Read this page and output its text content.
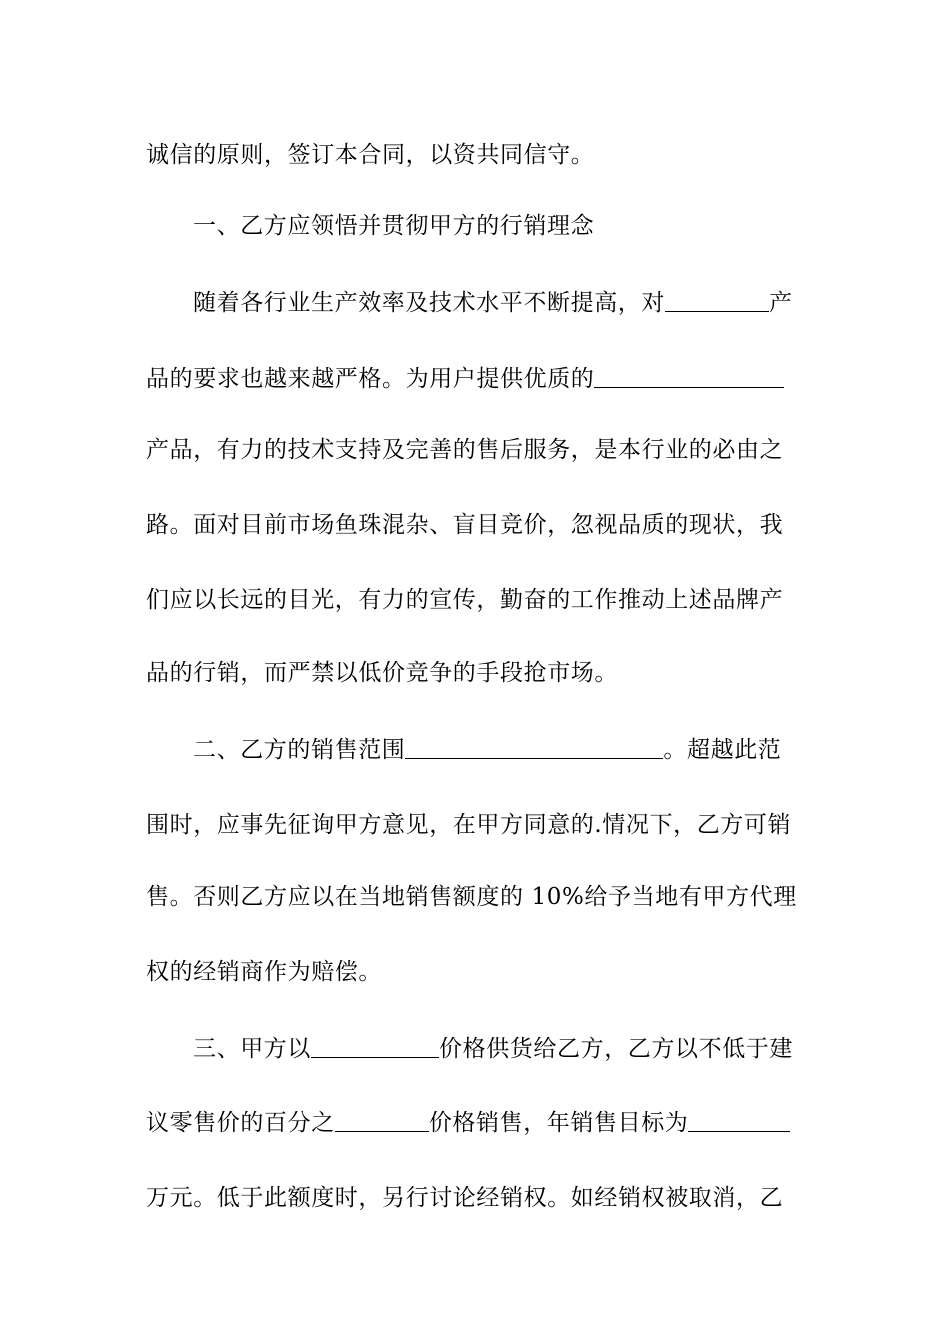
诚信的原则，签订本合同，以资共同信守。
一、乙方应领悟并贯彻甲方的行销理念
随着各行业生产效率及技术水平不断提高，对	产
品的要求也越来越严格。为用户提供优质的
产品，有力的技术支持及完善的售后服务，是本行业的必由之
路。面对目前市场鱼珠混杂、盲目竞价，忽视品质的现状，我
们应以长远的目光，有力的宣传，勤奋的工作推动上述品牌产
品的行销，而严禁以低价竞争的手段抢市场。
二、乙方的销售范围	。超越此范
围时，应事先征询甲方意见，在甲方同意的.情况下，乙方可销
售。否则乙方应以在当地销售额度的 10%给予当地有甲方代理
权的经销商作为赔偿。
三、甲方以	价格供货给乙方，乙方以不低于建
议零售价的百分之	价格销售，年销售目标为
万元。低于此额度时，另行讨论经销权。如经销权被取消，乙
